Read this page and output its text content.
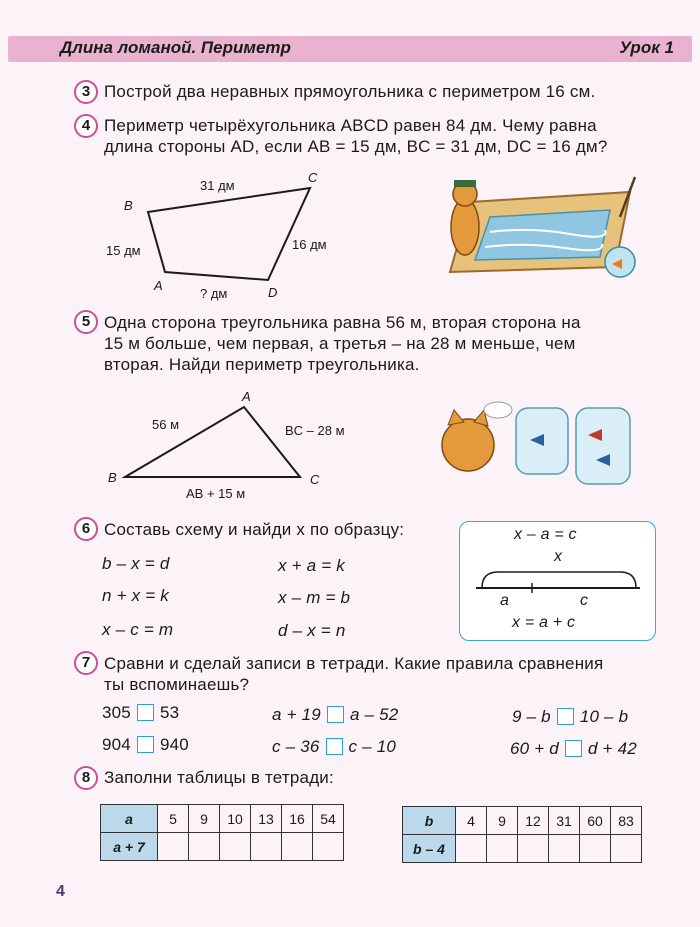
Длина ломаной. Периметр	Урок 1
3 Построй два неравных прямоугольника с периметром 16 см.
4 Периметр четырёхугольника ABCD равен 84 дм. Чему равна
длина стороны AD, если AB = 15 дм, BC = 31 дм, DC = 16 дм?
B
C
A	D
31 дм
15 дм	16 дм
? дм
5 Одна сторона треугольника равна 56 м, вторая сторона на
15 м больше, чем первая, а третья – на 28 м меньше, чем
вторая. Найди периметр треугольника.
A
B	C
56 м	BC – 28 м
AB + 15 м
6 Составь схему и найди x по образцу:
b – x = d
n + x = k
x – c = m
x + a = k
x – m = b
d – x = n
x – a = c
x
a	c
x = a + c
7 Сравни и сделай записи в тетради. Какие правила сравнения
ты вспоминаешь?
305 53	a + 19 a – 52	9 – b 10 – b
904 940	c – 36 c – 10	60 + d d + 42
8 Заполни таблицы в тетради:
a	5	9	10	13	16	54
a + 7						
b	4	9	12	31	60	83
b – 4						
4
